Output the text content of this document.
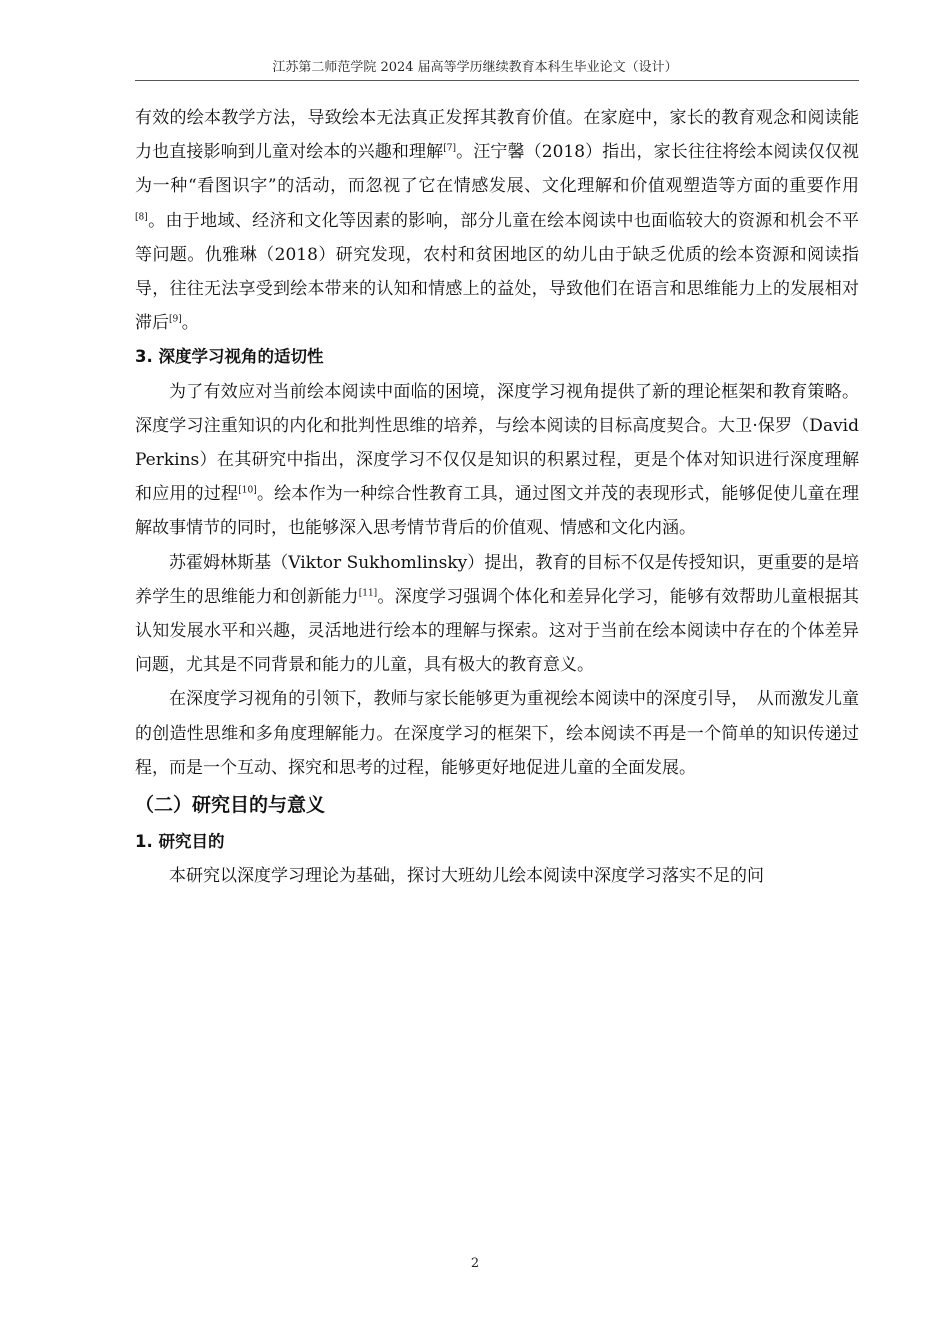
江苏第二师范学院 2024 届高等学历继续教育本科生毕业论文（设计）

有效的绘本教学方法，导致绘本无法真正发挥其教育价值。在家庭中，家长的教育观念和阅读能力也直接影响到儿童对绘本的兴趣和理解[7]。汪宁馨（2018）指出，家长往往将绘本阅读仅仅视为一种“看图识字”的活动，而忽视了它在情感发展、文化理解和价值观塑造等方面的重要作用[8]。由于地域、经济和文化等因素的影响，部分儿童在绘本阅读中也面临较大的资源和机会不平等问题。仇雅琳（2018）研究发现，农村和贫困地区的幼儿由于缺乏优质的绘本资源和阅读指导，往往无法享受到绘本带来的认知和情感上的益处，导致他们在语言和思维能力上的发展相对滞后[9]。

3. 深度学习视角的适切性

为了有效应对当前绘本阅读中面临的困境，深度学习视角提供了新的理论框架和教育策略。深度学习注重知识的内化和批判性思维的培养，与绘本阅读的目标高度契合。大卫·保罗（David Perkins）在其研究中指出，深度学习不仅仅是知识的积累过程，更是个体对知识进行深度理解和应用的过程[10]。绘本作为一种综合性教育工具，通过图文并茂的表现形式，能够促使儿童在理解故事情节的同时，也能够深入思考情节背后的价值观、情感和文化内涵。

苏霍姆林斯基（Viktor Sukhomlinsky）提出，教育的目标不仅是传授知识，更重要的是培养学生的思维能力和创新能力[11]。深度学习强调个体化和差异化学习，能够有效帮助儿童根据其认知发展水平和兴趣，灵活地进行绘本的理解与探索。这对于当前在绘本阅读中存在的个体差异问题，尤其是不同背景和能力的儿童，具有极大的教育意义。

在深度学习视角的引领下，教师与家长能够更为重视绘本阅读中的深度引导，　从而激发儿童的创造性思维和多角度理解能力。在深度学习的框架下，绘本阅读不再是一个简单的知识传递过程，而是一个互动、探究和思考的过程，能够更好地促进儿童的全面发展。

（二）研究目的与意义
1. 研究目的

本研究以深度学习理论为基础，探讨大班幼儿绘本阅读中深度学习落实不足的问

2
